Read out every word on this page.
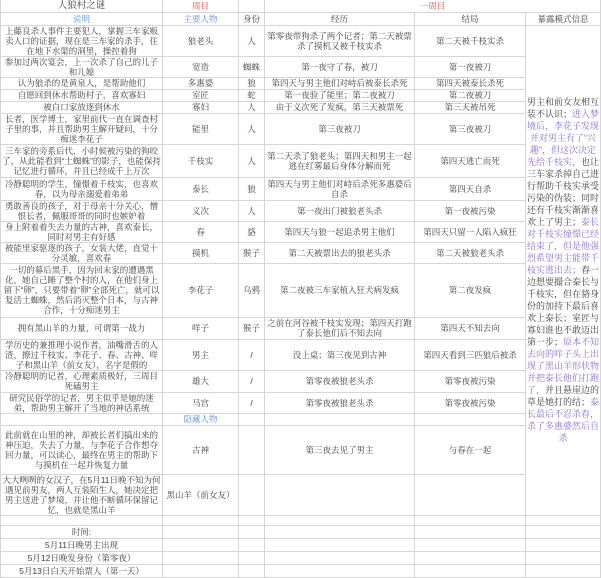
人狼村之谜	周目		一周目		
说明	主要人物	身份	经历	结局	暴露模式信息
上藤良杀人事件主要犯人，掌握三车家贩卖人口的证据，现在是三车家的杀手，住在地下水渠的洞里，操控着狗	狼老头	人	第零夜带狗杀了两个记者；第二天被票杀了摸机又被千枝实杀	第二天被千枝实杀	男主和前女友相互装不认识；进入梦境后，李花子发现并对男主有了“兴趣”，但这次决定先给千枝实，也让三车家杀掉自己进行帮助千枝实承受污染的伪装；同时还有千枝实渐渐喜欢上了男主；泰长对千枝实憧憬已经结束了，但是他强烈希望男主能带千枝实逃出去；春一边想要撮合泰长与千枝实，但在貉身份的加持下最后喜欢上泰长；室匠与寡妇谁也不敢迈出第一步；原本不知去向的咩子头上出现了黑山羊形状物并把泰长他们打跑了，并且悬崖边的草是她打的结；泰长最后不忍杀春，杀了多惠婆然后自杀
参加过两次宴会，上一次杀了自己的儿子和儿媳	宽造	蜘蛛	第一夜守了春，被刀	第一夜被刀	
认为狼杀的是黄泉人，是帮助他们	多惠婆	狼	第四天与男主他们对峙后被泰长杀死	第四天被泰长杀死	
自愿回到休水帮助村子，喜欢寡妇	室匠	蛇	第一夜验了能里；第二夜被刀	第二夜被刀	
被白口家放逐到休水	寡妇	人	由于义次死了发疯，第三天被票死	第三天被吊死	
长者，医学博士，家里前代一直在调查村子里的事，并且帮助男主解开疑问，十分痴迷李花子	能里	人	第三夜被刀	第三夜被刀	
三车家的旁系后代，小时候被污染的狗咬了，从此能看到“土蜘蛛”的影子，也能保持记忆进行循环，并且已经成千上万次	千枝实	人	第二天杀了狼老头；第四天和男主一起逃在红雾最后身体分解而死	第四天逃亡而死	
冷静聪明的学生，憧憬着千枝实，也喜欢春，以为母亲溺爱着弟弟	泰长	狼	第四天与男主他们对峙后杀死多惠婆后自杀	第四天自杀	
勇敢善良的孩子，对于母亲十分关心，憎恨长者，佩服哥哥的同时也嫉妒着	义次	人	第一夜出门被狼老头杀	第一夜被污染	
身上附着着失去力量的古神，喜欢泰长，同时对男主有好感	春	貉	第四天与狼一起追杀男主他们	第四天只留一人陷入疯狂	
被能里家驱逐的孩子，女装大佬，直觉十分灵敏，喜欢春	摸机	猴子	第二天被票出去的狼老头杀	第二天被狼老头杀	
一切的幕后黑手，因为回末家的遭遇黑化，她自己睡了整个村的人，在他们身上留下“卵”，只要带着“卵”全部死亡，就可以复活土蜘蛛，然后消灭整个日本，与古神合作，十分痴迷男主	李花子	乌鸦	第二夜被三车家植入狂犬病发疯	第二夜发疯	
拥有黑山羊的力量，可谓第一战力	咩子	猴子	之前在河谷被千枝实发现；第四天打跑了泰长他们后不知去向	第四天不知去向	
学历史的兼推理小说作者，油嘴滑舌的人渣，撩过千枝实、李花子、春、古神、咩子和黑山羊（前女友），名字是假的	男主	/	没上桌；第三夜见到古神	第四天看到三匹狼后被杀	
冷静聪明的记者，心理素质极好，三周目死磕男主	雄大	/	第零夜被狼老头杀	第零夜被污染	
研究民俗学的记者，男主似乎是她的迷弟，帮助男主解开了当地的神话系统	马宫	/	第零夜被狼老头杀	第零夜被污染	
	隐藏人物				
此前就在山里的神，却被长者们搞出来的神压迫，失去了力量，与李花子合作想夺回力量，可以读心，最终在男主的帮助下与摸机在一起并恢复力量	古神		第三夜去见了男主	与春在一起	
大大咧咧的女汉子，在5月11日晚不知为何遇见前男友，两人互装陌生人，她决定把男主送进了梦境，并让他不断循环保留记忆，也就是黑山羊	黑山羊（前女友）				

时间:					
5月11日晚男主出现					
5月12日晚发身份（第零夜）					
5月13日白天开始票人（第一天）					
